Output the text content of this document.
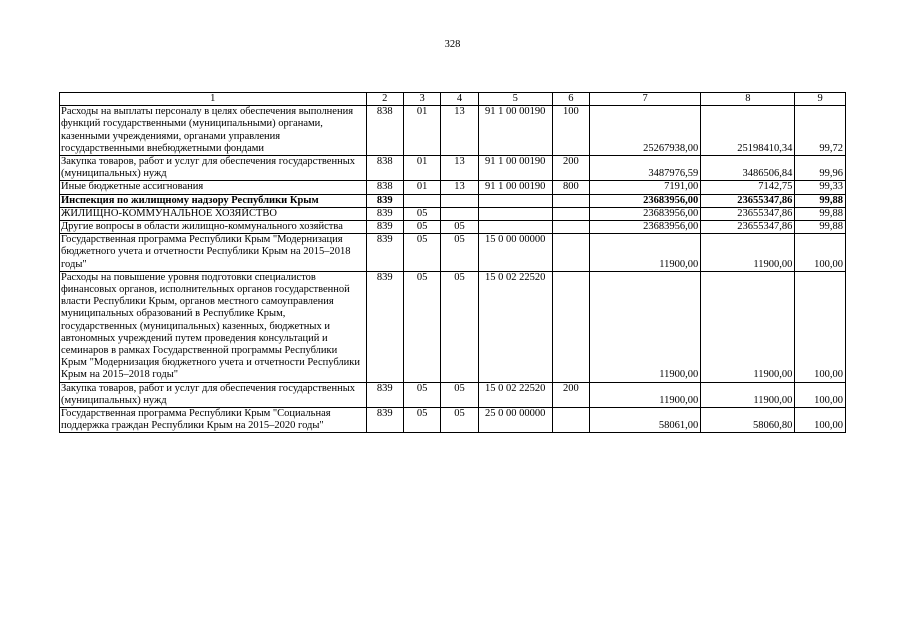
328
1	2	3	4	5	6	7	8	9
Расходы на выплаты персоналу в целях обеспечения выполнения функций государственными (муниципальными) органами, казенными учреждениями, органами управления государственными внебюджетными фондами	838	01	13	91 1 00 00190	100	25267938,00	25198410,34	99,72
Закупка товаров, работ и услуг для обеспечения государственных (муниципальных) нужд	838	01	13	91 1 00 00190	200	3487976,59	3486506,84	99,96
Иные бюджетные ассигнования	838	01	13	91 1 00 00190	800	7191,00	7142,75	99,33
Инспекция по жилищному надзору Республики Крым	839					23683956,00	23655347,86	99,88
ЖИЛИЩНО-КОММУНАЛЬНОЕ ХОЗЯЙСТВО	839	05				23683956,00	23655347,86	99,88
Другие вопросы в области жилищно-коммунального хозяйства	839	05	05			23683956,00	23655347,86	99,88
Государственная программа Республики Крым "Модернизация бюджетного учета и отчетности Республики Крым на 2015–2018 годы"	839	05	05	15 0 00 00000		11900,00	11900,00	100,00
Расходы на повышение уровня подготовки специалистов финансовых органов, исполнительных органов государственной власти Республики Крым, органов местного самоуправления муниципальных образований в Республике Крым, государственных (муниципальных) казенных, бюджетных и автономных учреждений путем проведения консультаций и семинаров в рамках Государственной программы Республики Крым "Модернизация бюджетного учета и отчетности Республики Крым на 2015–2018 годы"	839	05	05	15 0 02 22520		11900,00	11900,00	100,00
Закупка товаров, работ и услуг для обеспечения государственных (муниципальных) нужд	839	05	05	15 0 02 22520	200	11900,00	11900,00	100,00
Государственная программа Республики Крым "Социальная поддержка граждан Республики Крым на 2015–2020 годы"	839	05	05	25 0 00 00000		58061,00	58060,80	100,00
